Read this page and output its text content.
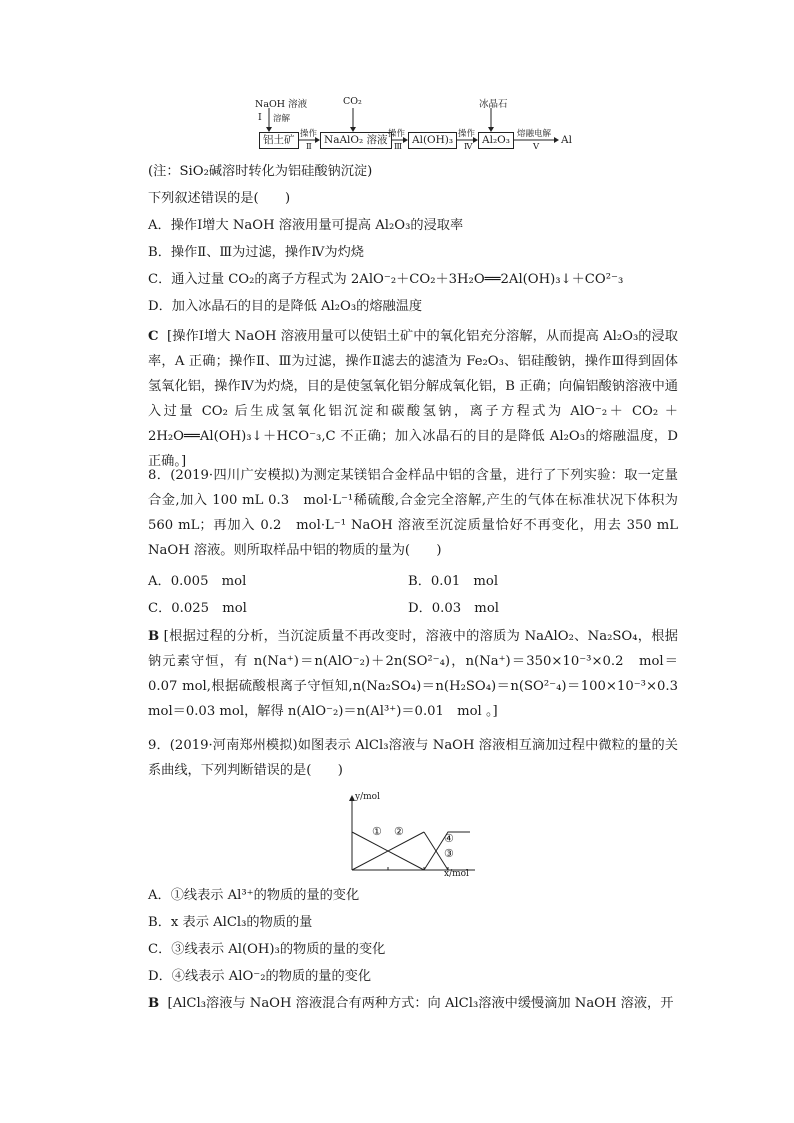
NaOH 溶液
Ⅰ 溶解
CO₂	冰晶石
铝土矿 操作
Ⅱ
NaAlO₂ 溶液 操作
Ⅲ
Al(OH)₃ 操作
Ⅳ
Al₂O₃ 熔融电解
Ⅴ
Al
(注：SiO₂碱溶时转化为铝硅酸钠沉淀)
下列叙述错误的是(　　)
A．操作Ⅰ增大 NaOH 溶液用量可提高 Al₂O₃的浸取率
B．操作Ⅱ、Ⅲ为过滤，操作Ⅳ为灼烧
C．通入过量 CO₂的离子方程式为 2AlO⁻₂＋CO₂＋3H₂O══2Al(OH)₃↓＋CO²⁻₃
D．加入冰晶石的目的是降低 Al₂O₃的熔融温度
C [操作Ⅰ增大 NaOH 溶液用量可以使铝土矿中的氧化铝充分溶解，从而提高 Al₂O₃的浸取率，A 正确；操作Ⅱ、Ⅲ为过滤，操作Ⅱ滤去的滤渣为 Fe₂O₃、铝硅酸钠，操作Ⅲ得到固体氢氧化铝，操作Ⅳ为灼烧，目的是使氢氧化铝分解成氧化铝，B 正确；向偏铝酸钠溶液中通入过量 CO₂ 后生成氢氧化铝沉淀和碳酸氢钠，离子方程式为 AlO⁻₂＋ CO₂ ＋ 2H₂O══Al(OH)₃↓＋HCO⁻₃,C 不正确；加入冰晶石的目的是降低 Al₂O₃的熔融温度，D 正确。]
8．(2019·四川广安模拟)为测定某镁铝合金样品中铝的含量，进行了下列实验：取一定量合金,加入 100 mL 0.3　mol·L⁻¹稀硫酸,合金完全溶解,产生的气体在标准状况下体积为 560 mL；再加入 0.2　mol·L⁻¹ NaOH 溶液至沉淀质量恰好不再变化，用去 350 mL NaOH 溶液。则所取样品中铝的物质的量为(　　)
A．0.005　mol	B．0.01　mol
C．0.025　mol	D．0.03　mol
B [根据过程的分析，当沉淀质量不再改变时，溶液中的溶质为 NaAlO₂、Na₂SO₄，根据钠元素守恒，有 n(Na⁺)＝n(AlO⁻₂)＋2n(SO²⁻₄)，n(Na⁺)＝350×10⁻³×0.2　mol＝0.07 mol,根据硫酸根离子守恒知,n(Na₂SO₄)＝n(H₂SO₄)＝n(SO²⁻₄)＝100×10⁻³×0.3　mol＝0.03 mol，解得 n(AlO⁻₂)＝n(Al³⁺)＝0.01　mol 。]
9．(2019·河南郑州模拟)如图表示 AlCl₃溶液与 NaOH 溶液相互滴加过程中微粒的量的关系曲线，下列判断错误的是(　　)
y/mol
x/mol
① ②
④
③
A．①线表示 Al³⁺的物质的量的变化
B．x 表示 AlCl₃的物质的量
C．③线表示 Al(OH)₃的物质的量的变化
D．④线表示 AlO⁻₂的物质的量的变化
B [AlCl₃溶液与 NaOH 溶液混合有两种方式：向 AlCl₃溶液中缓慢滴加 NaOH 溶液，开
